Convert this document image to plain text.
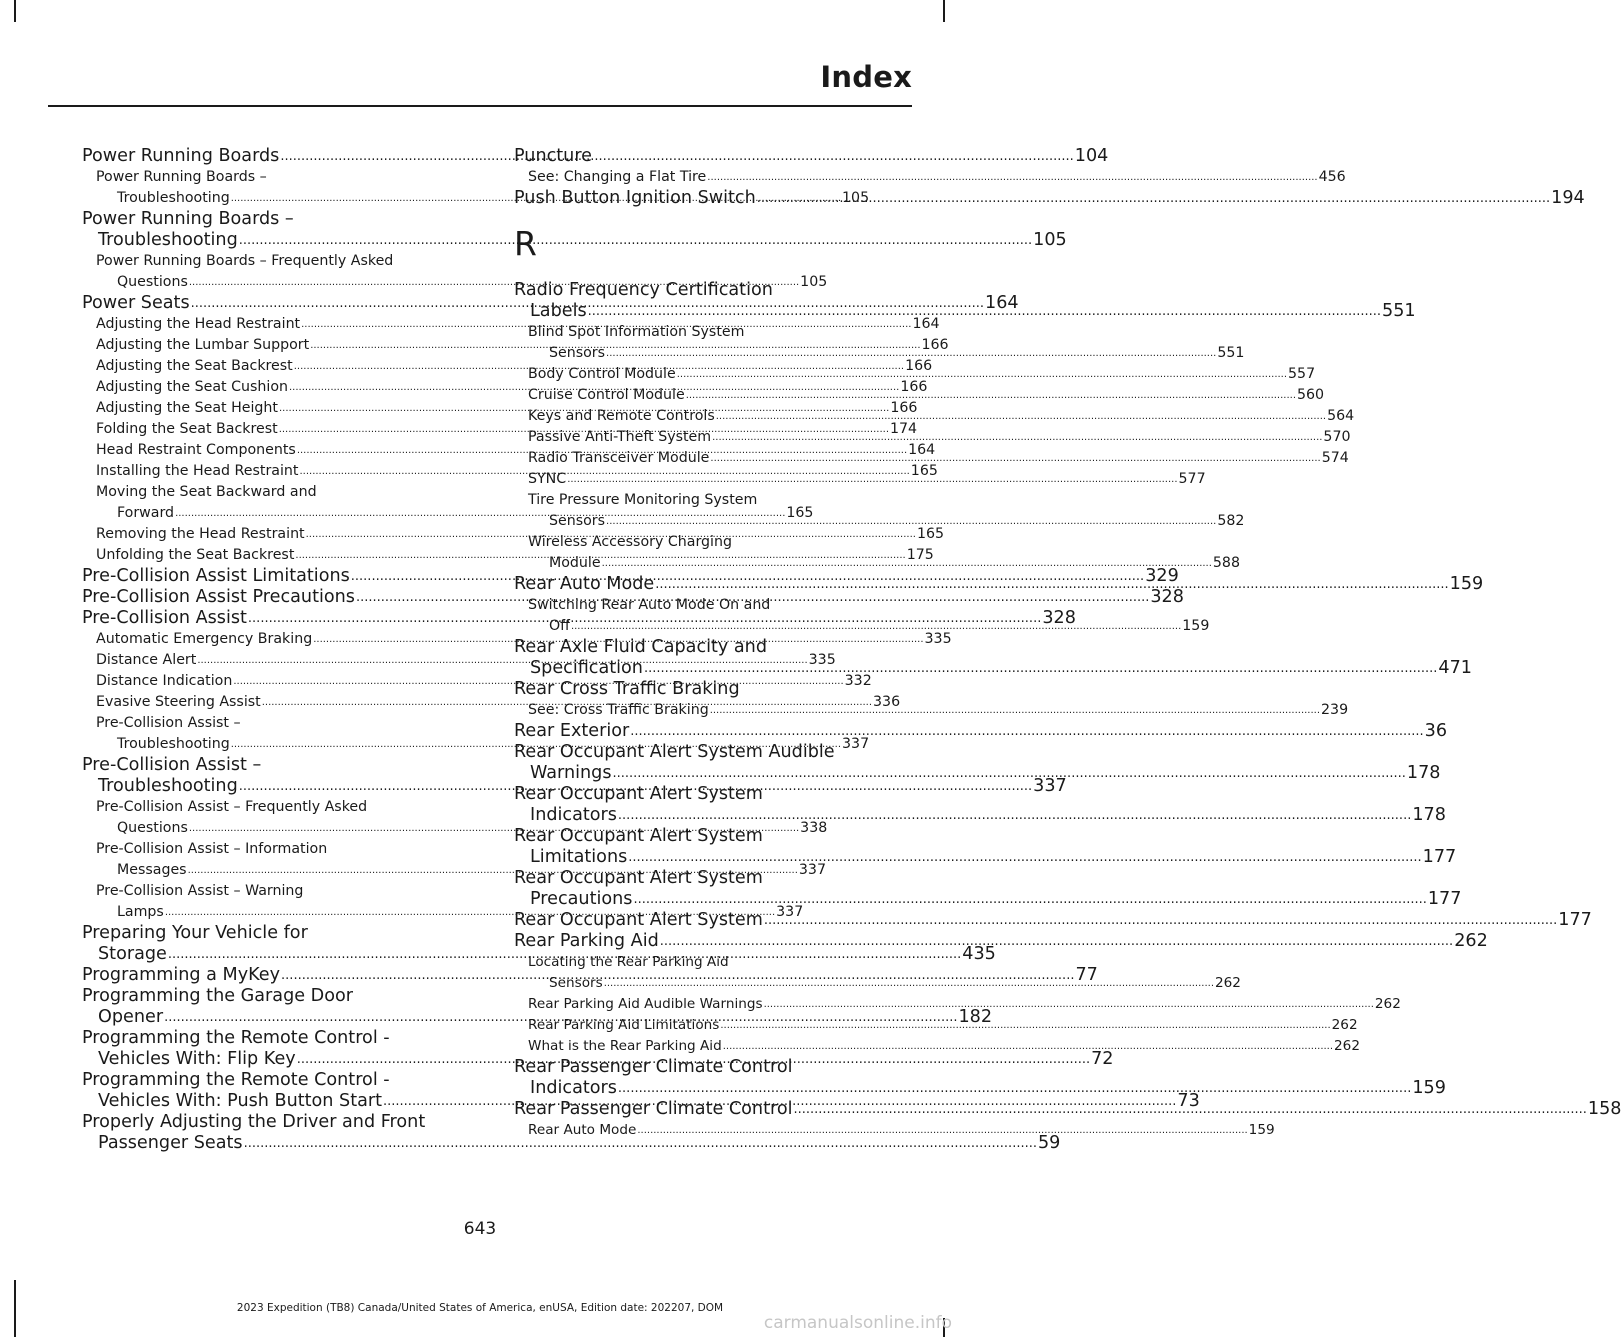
Index
Power Running Boards .....	104
Power Running Boards –
Troubleshooting .....	105
Power Running Boards –
Troubleshooting .....	105
Power Running Boards – Frequently Asked
Questions .....	105
Power Seats .....	164
Adjusting the Head Restraint .....	164
Adjusting the Lumbar Support .....	166
Adjusting the Seat Backrest .....	166
Adjusting the Seat Cushion .....	166
Adjusting the Seat Height .....	166
Folding the Seat Backrest .....	174
Head Restraint Components .....	164
Installing the Head Restraint .....	165
Moving the Seat Backward and
Forward .....	165
Removing the Head Restraint .....	165
Unfolding the Seat Backrest .....	175
Pre-Collision Assist Limitations .....	329
Pre-Collision Assist Precautions .....	328
Pre-Collision Assist .....	328
Automatic Emergency Braking .....	335
Distance Alert .....	335
Distance Indication .....	332
Evasive Steering Assist .....	336
Pre-Collision Assist –
Troubleshooting .....	337
Pre-Collision Assist –
Troubleshooting .....	337
Pre-Collision Assist – Frequently Asked
Questions .....	338
Pre-Collision Assist – Information
Messages .....	337
Pre-Collision Assist – Warning
Lamps .....	337
Preparing Your Vehicle for
Storage .....	435
Programming a MyKey .....	77
Programming the Garage Door
Opener .....	182
Programming the Remote Control -
Vehicles With: Flip Key .....	72
Programming the Remote Control -
Vehicles With: Push Button Start .....	73
Properly Adjusting the Driver and Front
Passenger Seats .....	59
Puncture
See: Changing a Flat Tire .....	456
Push Button Ignition Switch .....	194
R
Radio Frequency Certification
Labels .....	551
Blind Spot Information System
Sensors .....	551
Body Control Module .....	557
Cruise Control Module .....	560
Keys and Remote Controls .....	564
Passive Anti-Theft System .....	570
Radio Transceiver Module .....	574
SYNC .....	577
Tire Pressure Monitoring System
Sensors .....	582
Wireless Accessory Charging
Module .....	588
Rear Auto Mode .....	159
Switching Rear Auto Mode On and
Off .....	159
Rear Axle Fluid Capacity and
Specification .....	471
Rear Cross Traffic Braking
See: Cross Traffic Braking .....	239
Rear Exterior .....	36
Rear Occupant Alert System Audible
Warnings .....	178
Rear Occupant Alert System
Indicators .....	178
Rear Occupant Alert System
Limitations .....	177
Rear Occupant Alert System
Precautions .....	177
Rear Occupant Alert System .....	177
Rear Parking Aid .....	262
Locating the Rear Parking Aid
Sensors .....	262
Rear Parking Aid Audible Warnings .....	262
Rear Parking Aid Limitations .....	262
What is the Rear Parking Aid .....	262
Rear Passenger Climate Control
Indicators .....	159
Rear Passenger Climate Control .....	158
Rear Auto Mode .....	159
643
2023 Expedition (TB8) Canada/United States of America, enUSA, Edition date: 202207, DOM
carmanualsonline.info
